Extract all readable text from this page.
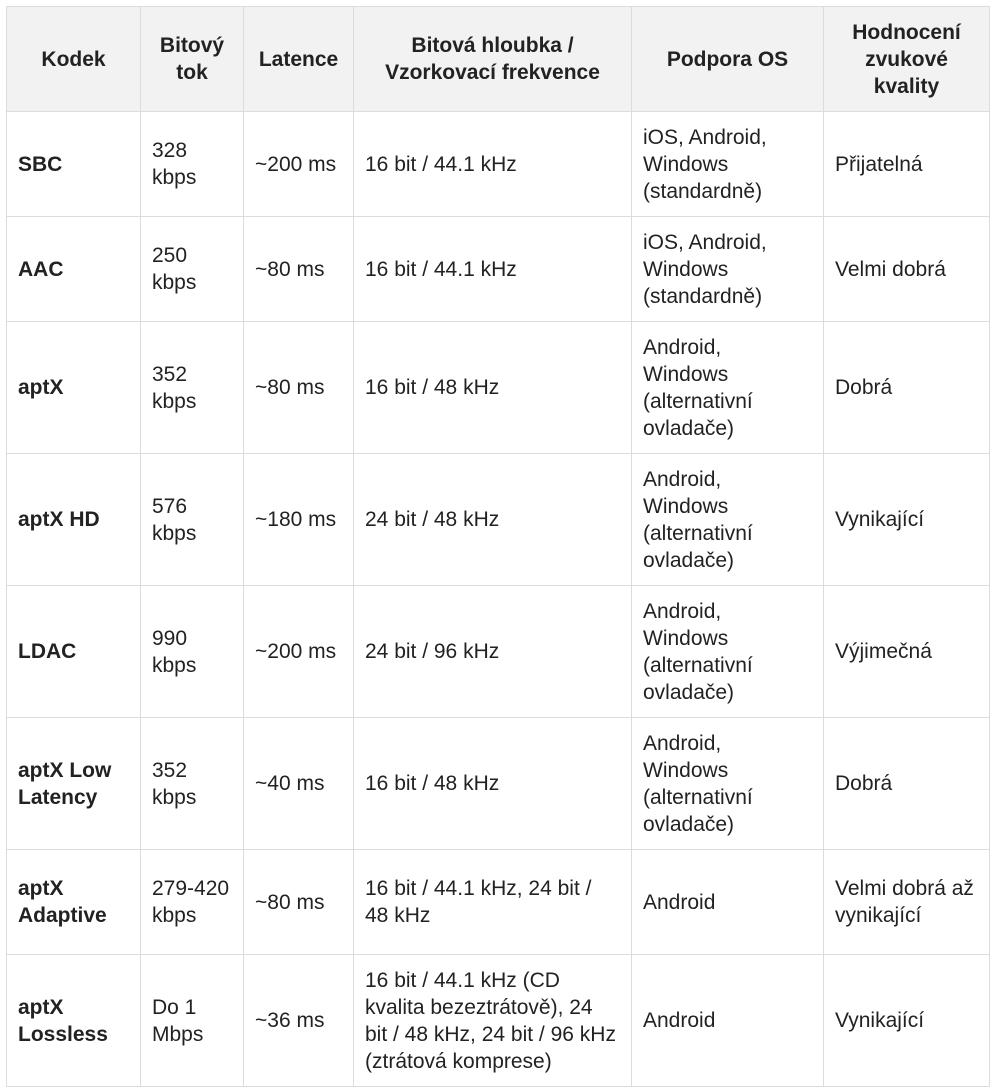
Kodek	Bitový tok	Latence	Bitová hloubka / Vzorkovací frekvence	Podpora OS	Hodnocení zvukové kvality
SBC	328 kbps	~200 ms	16 bit / 44.1 kHz	iOS, Android, Windows (standardně)	Přijatelná
AAC	250 kbps	~80 ms	16 bit / 44.1 kHz	iOS, Android, Windows (standardně)	Velmi dobrá
aptX	352 kbps	~80 ms	16 bit / 48 kHz	Android, Windows (alternativní ovladače)	Dobrá
aptX HD	576 kbps	~180 ms	24 bit / 48 kHz	Android, Windows (alternativní ovladače)	Vynikající
LDAC	990 kbps	~200 ms	24 bit / 96 kHz	Android, Windows (alternativní ovladače)	Výjimečná
aptX Low Latency	352 kbps	~40 ms	16 bit / 48 kHz	Android, Windows (alternativní ovladače)	Dobrá
aptX Adaptive	279-420 kbps	~80 ms	16 bit / 44.1 kHz, 24 bit / 48 kHz	Android	Velmi dobrá až vynikající
aptX Lossless	Do 1 Mbps	~36 ms	16 bit / 44.1 kHz (CD kvalita bezeztrátově), 24 bit / 48 kHz, 24 bit / 96 kHz (ztrátová komprese)	Android	Vynikající
